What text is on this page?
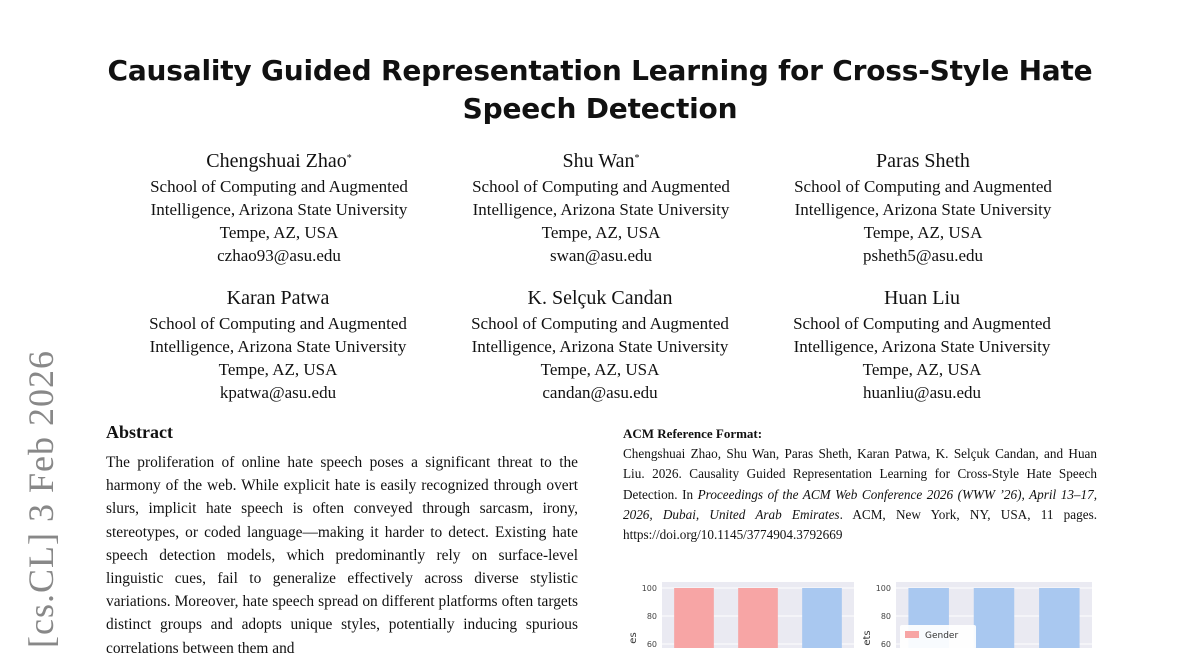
Causality Guided Representation Learning for Cross-Style Hate
Speech Detection
[cs.CL] 3 Feb 2026
Chengshuai Zhao*
School of Computing and Augmented
Intelligence, Arizona State University
Tempe, AZ, USA
czhao93@asu.edu
Shu Wan*
School of Computing and Augmented
Intelligence, Arizona State University
Tempe, AZ, USA
swan@asu.edu
Paras Sheth
School of Computing and Augmented
Intelligence, Arizona State University
Tempe, AZ, USA
psheth5@asu.edu
Karan Patwa
School of Computing and Augmented
Intelligence, Arizona State University
Tempe, AZ, USA
kpatwa@asu.edu
K. Selçuk Candan
School of Computing and Augmented
Intelligence, Arizona State University
Tempe, AZ, USA
candan@asu.edu
Huan Liu
School of Computing and Augmented
Intelligence, Arizona State University
Tempe, AZ, USA
huanliu@asu.edu
Abstract
The proliferation of online hate speech poses a significant threat to the harmony of the web. While explicit hate is easily recognized through overt slurs, implicit hate speech is often conveyed through sarcasm, irony, stereotypes, or coded language—making it harder to detect. Existing hate speech detection models, which predominantly rely on surface-level linguistic cues, fail to generalize effectively across diverse stylistic variations. Moreover, hate speech spread on different platforms often targets distinct groups and adopts unique styles, potentially inducing spurious correlations between them and
ACM Reference Format:
Chengshuai Zhao, Shu Wan, Paras Sheth, Karan Patwa, K. Selçuk Candan, and Huan Liu. 2026. Causality Guided Representation Learning for Cross-Style Hate Speech Detection. In Proceedings of the ACM Web Conference 2026 (WWW ’26), April 13–17, 2026, Dubai, United Arab Emirates. ACM, New York, NY, USA, 11 pages. https://doi.org/10.1145/3774904.3792669
100
80
60
es
100
80
60
ets	Gender
